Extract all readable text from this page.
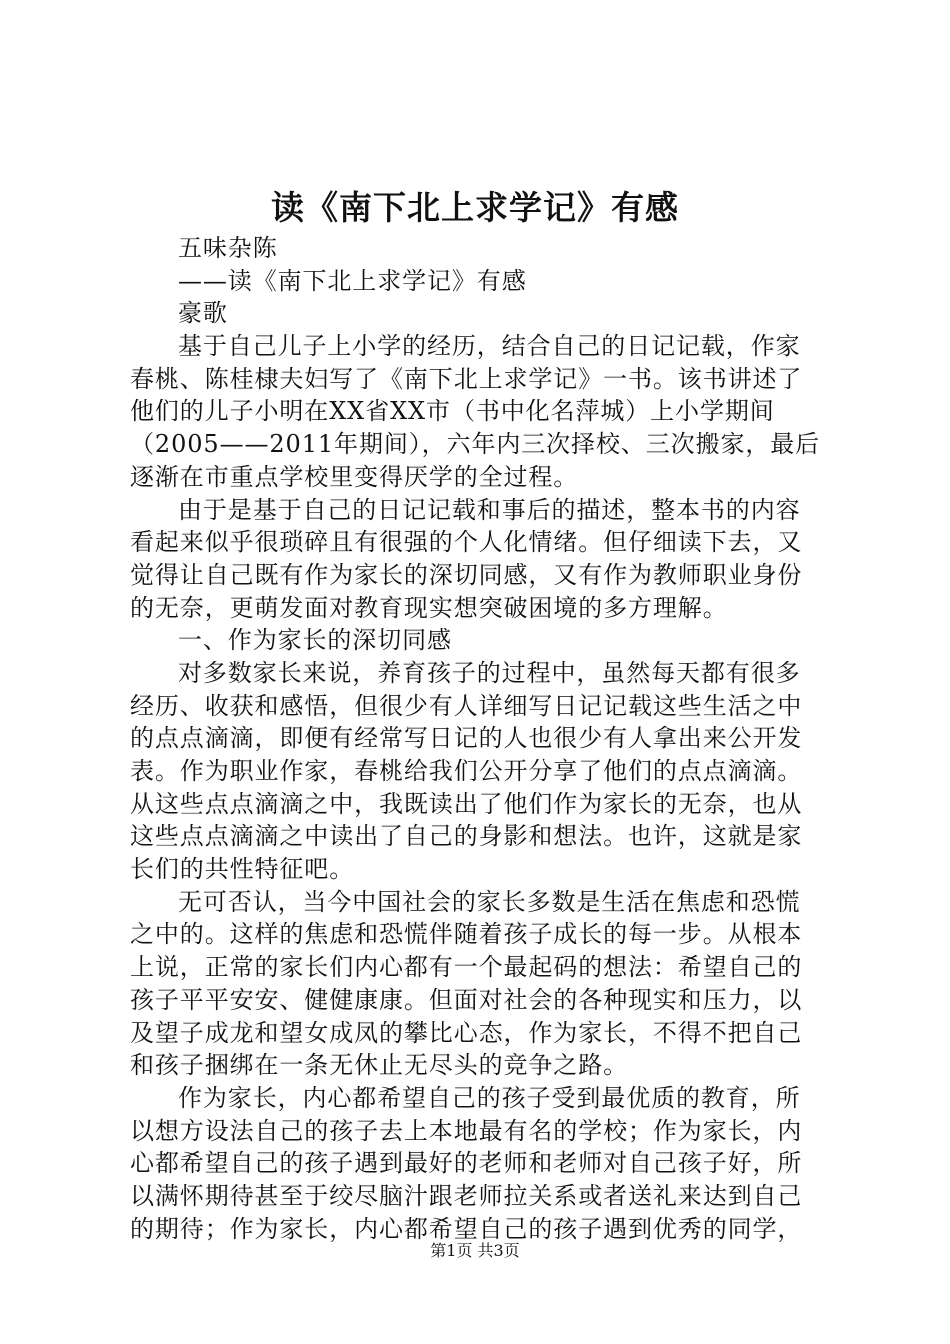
读《南下北上求学记》有感
五味杂陈
——读《南下北上求学记》有感
豪歌
基于自己儿子上小学的经历，结合自己的日记记载，作家
春桃、陈桂棣夫妇写了《南下北上求学记》一书。该书讲述了
他们的儿子小明在XX省XX市（书中化名萍城）上小学期间
（2005——2011年期间），六年内三次择校、三次搬家，最后
逐渐在市重点学校里变得厌学的全过程。
由于是基于自己的日记记载和事后的描述，整本书的内容
看起来似乎很琐碎且有很强的个人化情绪。但仔细读下去，又
觉得让自己既有作为家长的深切同感，又有作为教师职业身份
的无奈，更萌发面对教育现实想突破困境的多方理解。
一、作为家长的深切同感
对多数家长来说，养育孩子的过程中，虽然每天都有很多
经历、收获和感悟，但很少有人详细写日记记载这些生活之中
的点点滴滴，即便有经常写日记的人也很少有人拿出来公开发
表。作为职业作家，春桃给我们公开分享了他们的点点滴滴。
从这些点点滴滴之中，我既读出了他们作为家长的无奈，也从
这些点点滴滴之中读出了自己的身影和想法。也许，这就是家
长们的共性特征吧。
无可否认，当今中国社会的家长多数是生活在焦虑和恐慌
之中的。这样的焦虑和恐慌伴随着孩子成长的每一步。从根本
上说，正常的家长们内心都有一个最起码的想法：希望自己的
孩子平平安安、健健康康。但面对社会的各种现实和压力，以
及望子成龙和望女成凤的攀比心态，作为家长，不得不把自己
和孩子捆绑在一条无休止无尽头的竞争之路。
作为家长，内心都希望自己的孩子受到最优质的教育，所
以想方设法自己的孩子去上本地最有名的学校；作为家长，内
心都希望自己的孩子遇到最好的老师和老师对自己孩子好，所
以满怀期待甚至于绞尽脑汁跟老师拉关系或者送礼来达到自己
的期待；作为家长，内心都希望自己的孩子遇到优秀的同学，
第1页 共3页
